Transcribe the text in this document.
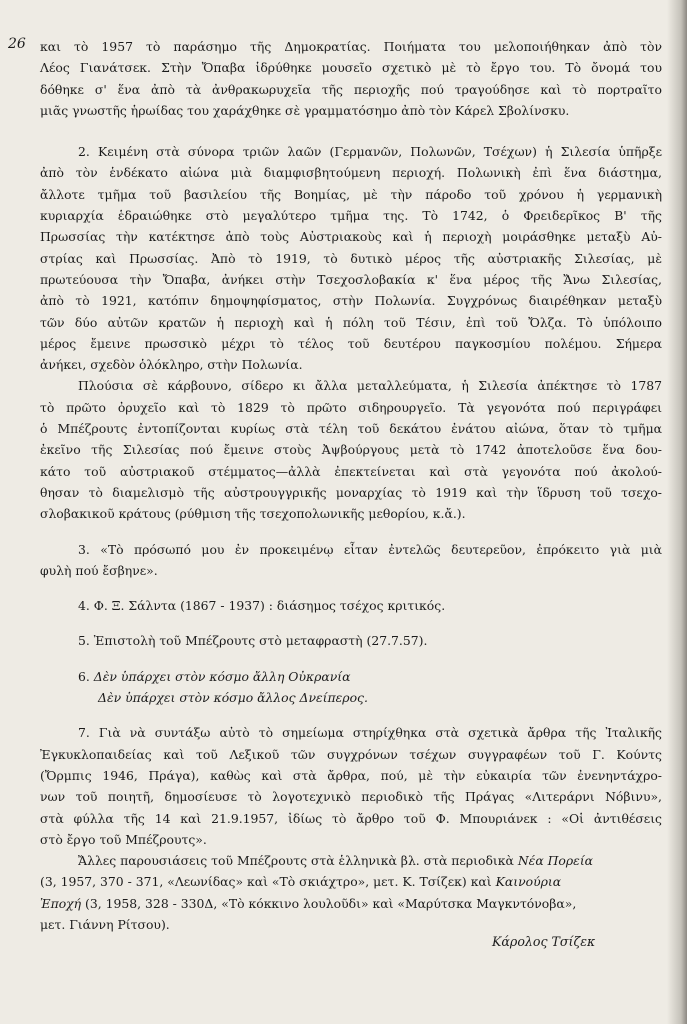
26 και τὸ 1957 τὸ παράσημο τῆς Δημοκρατίας. Ποιήματα του μελοποιήθηκαν ἀπὸ τὸν
Λέος Γιανάτσεκ. Στὴν Ὄπαβα ἱδρύθηκε μουσεῖο σχετικὸ μὲ τὸ ἔργο του. Τὸ ὄνομά του
δόθηκε σ' ἕνα ἀπὸ τὰ ἀνθρακωρυχεῖα τῆς περιοχῆς πού τραγούδησε καὶ τὸ πορτραῖτο
μιᾶς γνωστῆς ἡρωίδας του χαράχθηκε σὲ γραμματόσημο ἀπὸ τὸν Κάρελ Σβολίνσκυ.
2. Κειμένη στὰ σύνορα τριῶν λαῶν (Γερμανῶν, Πολωνῶν, Τσέχων) ἡ Σιλεσία ὑπῆρξε
ἀπὸ τὸν ἑνδέκατο αἰώνα μιὰ διαμφισβητούμενη περιοχή. Πολωνικὴ ἐπὶ ἕνα διάστημα,
ἄλλοτε τμῆμα τοῦ βασιλείου τῆς Βοημίας, μὲ τὴν πάροδο τοῦ χρόνου ἡ γερμανικὴ
κυριαρχία ἑδραιώθηκε στὸ μεγαλύτερο τμῆμα της. Τὸ 1742, ὁ Φρειδερῖκος Β' τῆς
Πρωσσίας τὴν κατέκτησε ἀπὸ τοὺς Αὐστριακοὺς καὶ ἡ περιοχὴ μοιράσθηκε μεταξὺ Αὐ-
στρίας καὶ Πρωσσίας. Ἀπὸ τὸ 1919, τὸ δυτικὸ μέρος τῆς αὐστριακῆς Σιλεσίας, μὲ
πρωτεύουσα τὴν Ὄπαβα, ἀνήκει στὴν Τσεχοσλοβακία κ' ἕνα μέρος τῆς Ἄνω Σιλεσίας,
ἀπὸ τὸ 1921, κατόπιν δημοψηφίσματος, στὴν Πολωνία. Συγχρόνως διαιρέθηκαν μεταξὺ
τῶν δύο αὐτῶν κρατῶν ἡ περιοχὴ καὶ ἡ πόλη τοῦ Τέσιν, ἐπὶ τοῦ Ὄλζα. Τὸ ὑπόλοιπο
μέρος ἔμεινε πρωσσικὸ μέχρι τὸ τέλος τοῦ δευτέρου παγκοσμίου πολέμου. Σήμερα
ἀνήκει, σχεδὸν ὁλόκληρο, στὴν Πολωνία.
Πλούσια σὲ κάρβουνο, σίδερο κι ἄλλα μεταλλεύματα, ἡ Σιλεσία ἀπέκτησε τὸ 1787
τὸ πρῶτο ὀρυχεῖο καὶ τὸ 1829 τὸ πρῶτο σιδηρουργεῖο. Τὰ γεγονότα πού περιγράφει
ὁ Μπέζρουτς ἐντοπίζονται κυρίως στὰ τέλη τοῦ δεκάτου ἐνάτου αἰώνα, ὅταν τὸ τμῆμα
ἐκεῖνο τῆς Σιλεσίας πού ἔμεινε στοὺς Ἀψβούργους μετὰ τὸ 1742 ἀποτελοῦσε ἕνα δου-
κάτο τοῦ αὐστριακοῦ στέμματος—ἀλλὰ ἐπεκτείνεται καὶ στὰ γεγονότα πού ἀκολού-
θησαν τὸ διαμελισμὸ τῆς αὐστρουγγρικῆς μοναρχίας τὸ 1919 καὶ τὴν ἵδρυση τοῦ τσεχο-
σλοβακικοῦ κράτους (ρύθμιση τῆς τσεχοπολωνικῆς μεθορίου, κ.ἄ.).
3. «Τὸ πρόσωπό μου ἐν προκειμένῳ εἶταν ἐντελῶς δευτερεῦον, ἐπρόκειτο γιὰ μιὰ
φυλὴ πού ἔσβηνε».
4. Φ. Ξ. Σάλντα (1867 - 1937) : διάσημος τσέχος κριτικός.
5. Ἐπιστολὴ τοῦ Μπέζρουτς στὸ μεταφραστὴ (27.7.57).
6. Δὲν ὑπάρχει στὸν κόσμο ἄλλη Οὐκρανία
Δὲν ὑπάρχει στὸν κόσμο ἄλλος Δνείπερος.
7. Γιὰ νὰ συντάξω αὐτὸ τὸ σημείωμα στηρίχθηκα στὰ σχετικὰ ἄρθρα τῆς Ἰταλικῆς
Ἐγκυκλοπαιδείας καὶ τοῦ Λεξικοῦ τῶν συγχρόνων τσέχων συγγραφέων τοῦ Γ. Κούντς
(Ὄρμπις 1946, Πράγα), καθὼς καὶ στὰ ἄρθρα, πού, μὲ τὴν εὐκαιρία τῶν ἐνενηντάχρο-
νων τοῦ ποιητῆ, δημοσίευσε τὸ λογοτεχνικὸ περιοδικὸ τῆς Πράγας «Λιτεράρνι Νόβινυ»,
στὰ φύλλα τῆς 14 καὶ 21.9.1957, ἰδίως τὸ ἄρθρο τοῦ Φ. Μπουριάνεκ : «Οἱ ἀντιθέσεις
στὸ ἔργο τοῦ Μπέζρουτς».
Ἄλλες παρουσιάσεις τοῦ Μπέζρουτς στὰ ἑλληνικὰ βλ. στὰ περιοδικὰ Νέα Πορεία
(3, 1957, 370 - 371, «Λεωνίδας» καὶ «Τὸ σκιάχτρο», μετ. Κ. Τσίζεκ) καὶ Καινούρια
Ἐποχή (3, 1958, 328 - 330Δ, «Τὸ κόκκινο λουλοῦδι» καὶ «Μαρύτσκα Μαγκντόνοβα»,
μετ. Γιάννη Ρίτσου).
Κάρολος Τσίζεκ
